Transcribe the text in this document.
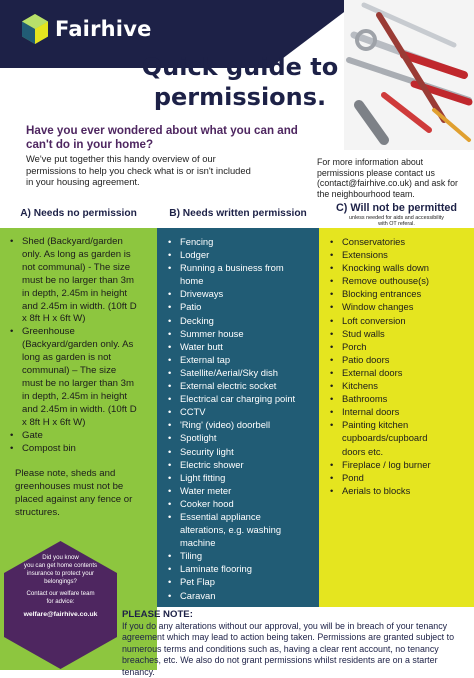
Fairhive
Quick guide to
permissions.
Have you ever wondered about what you can and
can't do in your home?
We've put together this handy overview of our
permissions to help you check what is or isn't included
in your housing agreement.
For more information about
permissions please contact us
(contact@fairhive.co.uk) and ask for
the neighbourhood team.
A) Needs no permission	B) Needs written permission	C) Will not be permitted
unless needed for aids and accessibility
with OT referal.
• Shed (Backyard/garden
only. As long as garden is
not communal) - The size
must be no larger than 3m
in depth, 2.45m in height
and 2.45m in width. (10ft D
x 8ft H x 6ft W)
• Greenhouse
(Backyard/garden only. As
long as garden is not
communal) – The size
must be no larger than 3m
in depth, 2.45m in height
and 2.45m in width. (10ft D
x 8ft H x 6ft W)
• Gate
• Compost bin
Please note, sheds and
greenhouses must not be
placed against any fence or
structures.
• Fencing
• Lodger
• Running a business from
home
• Driveways
• Patio
• Decking
• Summer house
• Water butt
• External tap
• Satellite/Aerial/Sky dish
• External electric socket
• Electrical car charging point
• CCTV
• 'Ring' (video) doorbell
• Spotlight
• Security light
• Electric shower
• Light fitting
• Water meter
• Cooker hood
• Essential appliance
alterations, e.g. washing
machine
• Tiling
• Laminate flooring
• Pet Flap
• Caravan
• Conservatories
• Extensions
• Knocking walls down
• Remove outhouse(s)
• Blocking entrances
• Window changes
• Loft conversion
• Stud walls
• Porch
• Patio doors
• External doors
• Kitchens
• Bathrooms
• Internal doors
• Painting kitchen
cupboards/cupboard
doors etc.
• Fireplace / log burner
• Pond
• Aerials to blocks
Did you know
you can get home contents
insurance to protect your
belongings?
Contact our welfare team
for advice:
welfare@fairhive.co.uk	PLEASE NOTE:
If you do any alterations without our approval, you will be in breach of your tenancy
agreement which may lead to action being taken. Permissions are granted subject to
numerous terms and conditions such as, having a clear rent account, no tenancy
breaches, etc. We also do not grant permissions whilst residents are on a starter tenancy.
